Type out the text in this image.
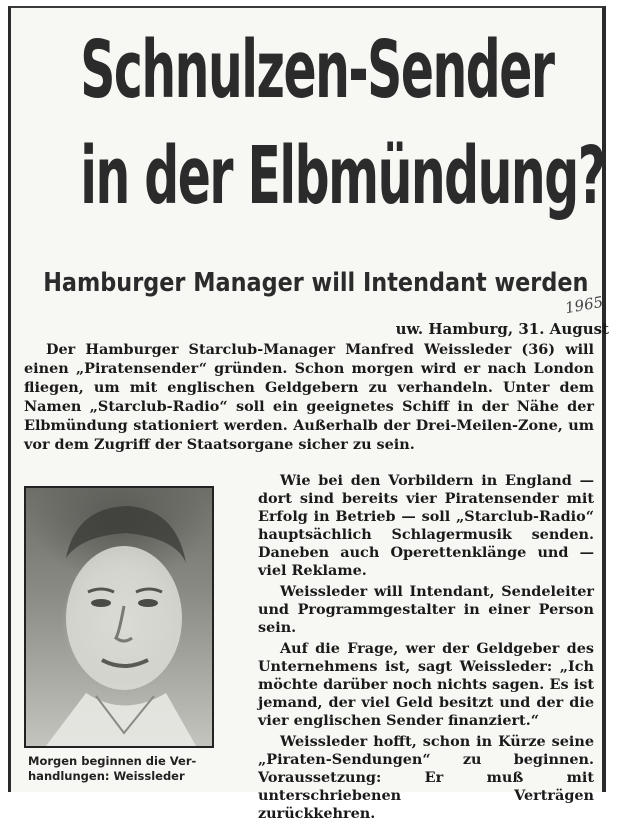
Schnulzen-Sender
in der Elbmündung?
Hamburger Manager will Intendant werden
1965
uw. Hamburg, 31. August

Der Hamburger Starclub-Manager Manfred Weissleder (36) will einen „Piratensender“ gründen. Schon morgen wird er nach London fliegen, um mit englischen Geldgebern zu verhandeln. Unter dem Namen „Starclub-Radio“ soll ein geeignetes Schiff in der Nähe der Elbmündung stationiert werden. Außerhalb der Drei-Meilen-Zone, um vor dem Zugriff der Staatsorgane sicher zu sein.

Morgen beginnen die Ver-

handlungen: Weissleder

Wie bei den Vorbildern in England — dort sind bereits vier Piratensender mit Erfolg in Betrieb — soll „Starclub-Radio“ hauptsächlich Schlagermusik senden. Daneben auch Operettenklänge und — viel Reklame.

Weissleder will Intendant, Sendeleiter und Programmgestalter in einer Person sein.

Auf die Frage, wer der Geldgeber des Unternehmens ist, sagt Weissleder: „Ich möchte darüber noch nichts sagen. Es ist jemand, der viel Geld besitzt und der die vier englischen Sender finanziert.“

Weissleder hofft, schon in Kürze seine „Piraten-Sendungen“ zu beginnen. Voraussetzung: Er muß mit unterschriebenen Verträgen zurückkehren.
